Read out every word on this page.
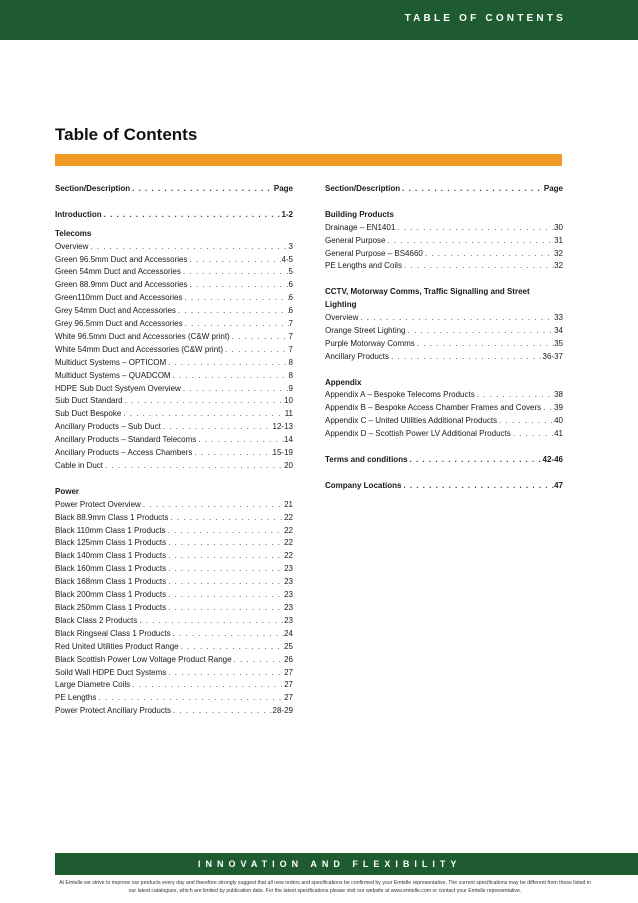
TABLE OF CONTENTS
Table of Contents
Section/Description . . .	Page
Introduction . . .	1-2
Telecoms
Overview . . .	3
Green 96.5mm Duct and Accessories . . .	4-5
Green 54mm Duct and Accessories . . .	5
Green 88.9mm Duct and Accessories . . .	6
Green110mm Duct and Accessories . . .	6
Grey 54mm Duct and Accessories . . .	6
Grey 96.5mm Duct and Accessories . . .	7
White 96.5mm Duct and Accessories (C&W print) . . .	7
White 54mm Duct and Accessories (C&W print) . . .	7
Multiduct Systems – OPTICOM . . .	8
Multiduct Systems – QUADCOM . . .	8
HDPE Sub Duct Systyem Overview . . .	9
Sub Duct Standard . . .	10
Sub Duct Bespoke . . .	11
Ancillary Products – Sub Duct . . .	12-13
Ancillary Products – Standard Telecoms . . .	14
Ancillary Products – Access Chambers . . .	15-19
Cable in Duct . . .	20
Power
Power Protect Overview . . .	21
Black 88.9mm Class 1 Products . . .	22
Black 110mm Class 1 Products . . .	22
Black 125mm Class 1 Products . . .	22
Black 140mm Class 1 Products . . .	22
Black 160mm Class 1 Products . . .	23
Black 168mm Class 1 Products . . .	23
Black 200mm Class 1 Products . . .	23
Black 250mm Class 1 Products . . .	23
Black Class 2 Products . . .	23
Black Ringseal Class 1 Products . . .	24
Red United Utilities Product Range . . .	25
Black Scottish Power Low Voltage Product Range . . .	26
Soild Wall HDPE Duct Systems . . .	27
Large Diametre Coils . . .	27
PE Lengths . . .	27
Power Protect Ancillary Products . . .	28-29
Section/Description . . .	Page
Building Products
Drainage – EN1401 . . .	30
General Purpose . . .	31
General Purpose – BS4660 . . .	32
PE Lengths and Coils . . .	32
CCTV, Motorway Comms, Traffic Signalling and Street Lighting
Overview . . .	33
Orange Street Lighting . . .	34
Purple Motorway Comms . . .	35
Ancillary Products . . .	36-37
Appendix
Appendix A – Bespoke Telecoms Products . . .	38
Appendix B – Bespoke Access Chamber Frames and Covers . . . 39
Appendix C – United Utilities Additional Products . . .	40
Appendix D – Scottish Power LV Additional Products . . .	41
Terms and conditions . . .	42-46
Company Locations . . .	47
INNOVATION AND FLEXIBILITY
At Emtelle we strive to improve our products every day and therefore strongly suggest that all new orders and specifications be confirmed by your Emtelle representative. The current specifications may be different from those listed in our latest catalogues, which are limited by publication date. For the latest specifications please visit our website at www.emtelle.com or contact your Emtelle representative.
